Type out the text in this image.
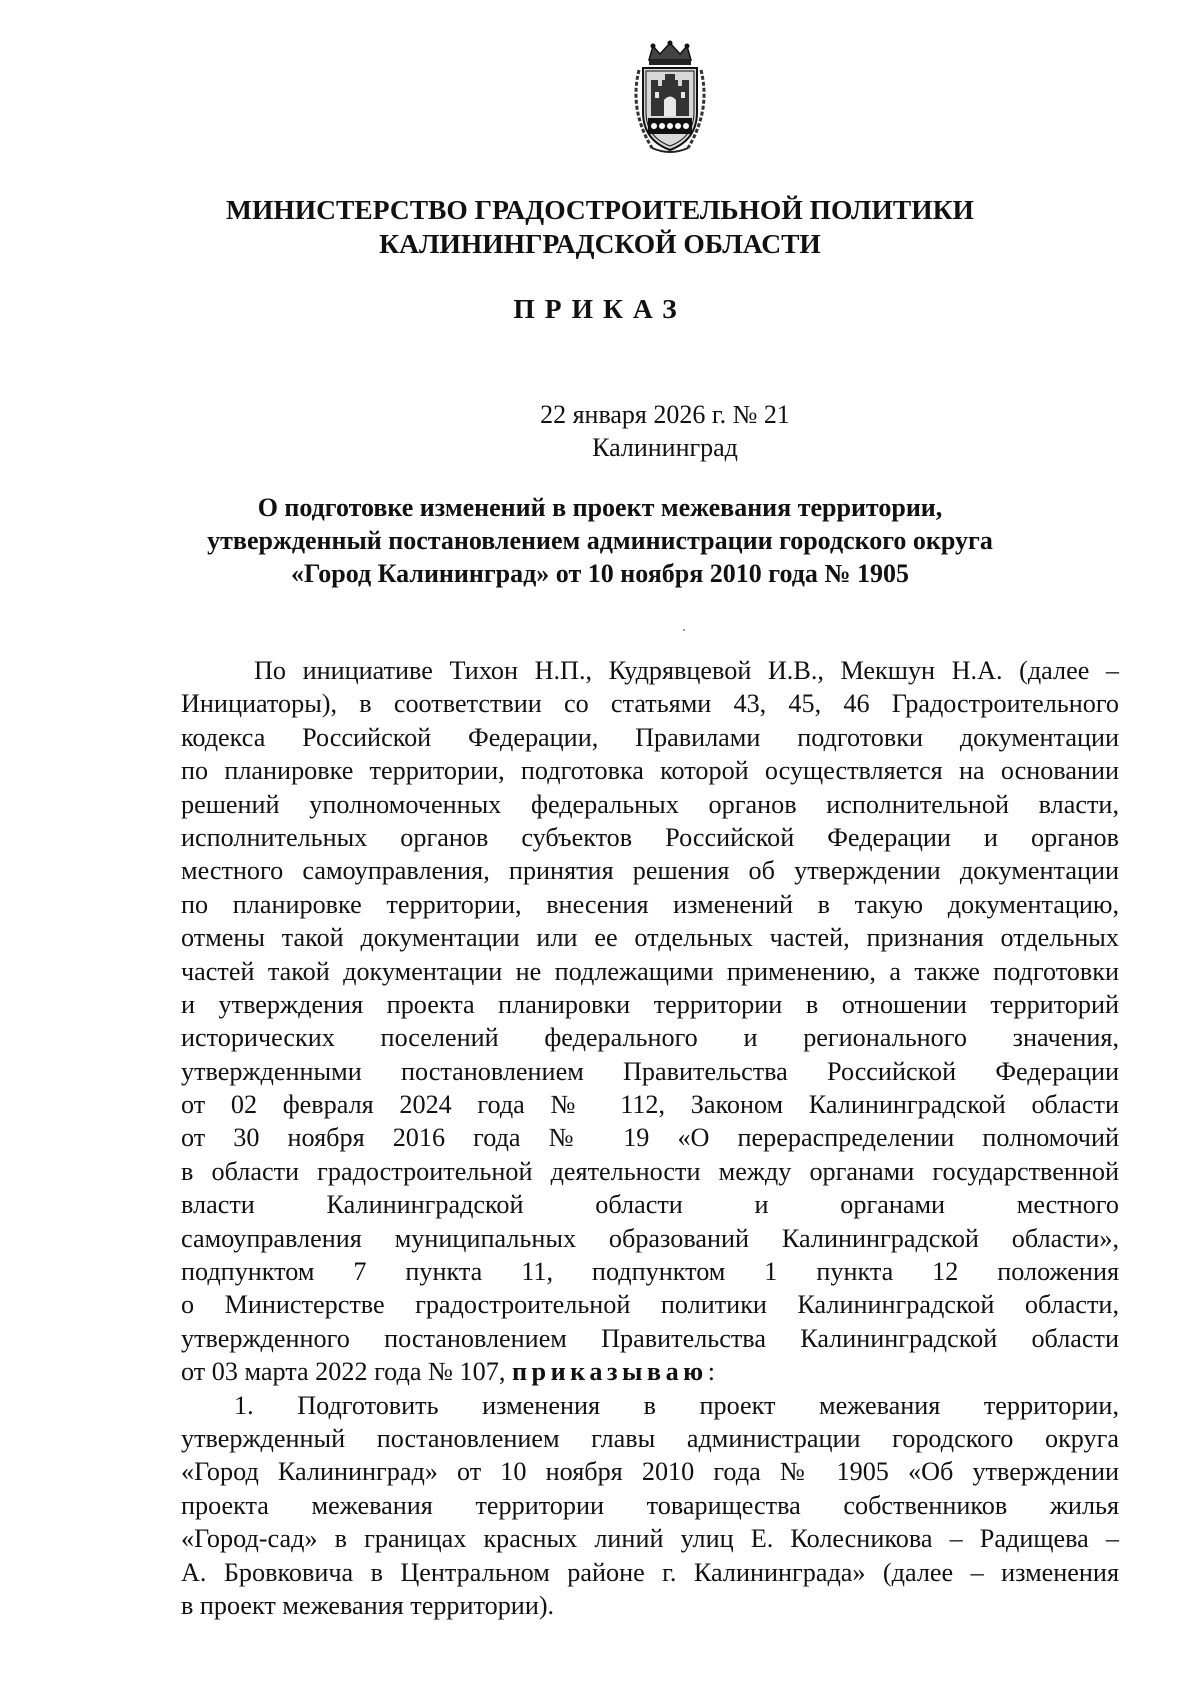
МИНИСТЕРСТВО ГРАДОСТРОИТЕЛЬНОЙ ПОЛИТИКИ
КАЛИНИНГРАДСКОЙ ОБЛАСТИ
ПРИКАЗ
22 января 2026 г. № 21
Калининград
О подготовке изменений в проект межевания территории,
утвержденный постановлением администрации городского округа
«Город Калининград» от 10 ноября 2010 года № 1905
По инициативе Тихон Н.П., Кудрявцевой И.В., Мекшун Н.А. (далее –
Инициаторы), в соответствии со статьями 43, 45, 46 Градостроительного
кодекса Российской Федерации, Правилами подготовки документации
по планировке территории, подготовка которой осуществляется на основании
решений уполномоченных федеральных органов исполнительной власти,
исполнительных органов субъектов Российской Федерации и органов
местного самоуправления, принятия решения об утверждении документации
по планировке территории, внесения изменений в такую документацию,
отмены такой документации или ее отдельных частей, признания отдельных
частей такой документации не подлежащими применению, а также подготовки
и утверждения проекта планировки территории в отношении территорий
исторических поселений федерального и регионального значения,
утвержденными постановлением Правительства Российской Федерации
от 02 февраля 2024 года № 112, Законом Калининградской области
от 30 ноября 2016 года № 19 «О перераспределении полномочий
в области градостроительной деятельности между органами государственной
власти Калининградской области и органами местного
самоуправления муниципальных образований Калининградской области»,
подпунктом 7 пункта 11, подпунктом 1 пункта 12 положения
о Министерстве градостроительной политики Калининградской области,
утвержденного постановлением Правительства Калининградской области
от 03 марта 2022 года № 107, приказываю:
1. Подготовить изменения в проект межевания территории,
утвержденный постановлением главы администрации городского округа
«Город Калининград» от 10 ноября 2010 года № 1905 «Об утверждении
проекта межевания территории товарищества собственников жилья
«Город-сад» в границах красных линий улиц Е. Колесникова – Радищева –
А. Бровковича в Центральном районе г. Калининграда» (далее – изменения
в проект межевания территории).
